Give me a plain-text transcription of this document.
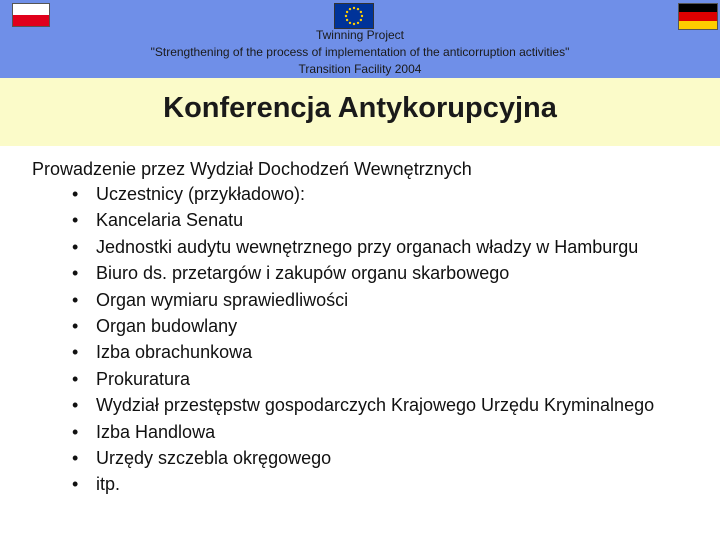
Twinning Project
"Strengthening of the process of implementation of the anticorruption activities"
Transition Facility 2004
Konferencja Antykorupcyjna
Prowadzenie przez Wydział Dochodzeń Wewnętrznych
• Uczestnicy (przykładowo):
• Kancelaria Senatu
• Jednostki audytu wewnętrznego przy organach władzy w Hamburgu
• Biuro ds. przetargów i zakupów organu skarbowego
• Organ wymiaru sprawiedliwości
• Organ budowlany
• Izba obrachunkowa
• Prokuratura
• Wydział przestępstw gospodarczych Krajowego Urzędu Kryminalnego
• Izba Handlowa
• Urzędy szczebla okręgowego
• itp.
